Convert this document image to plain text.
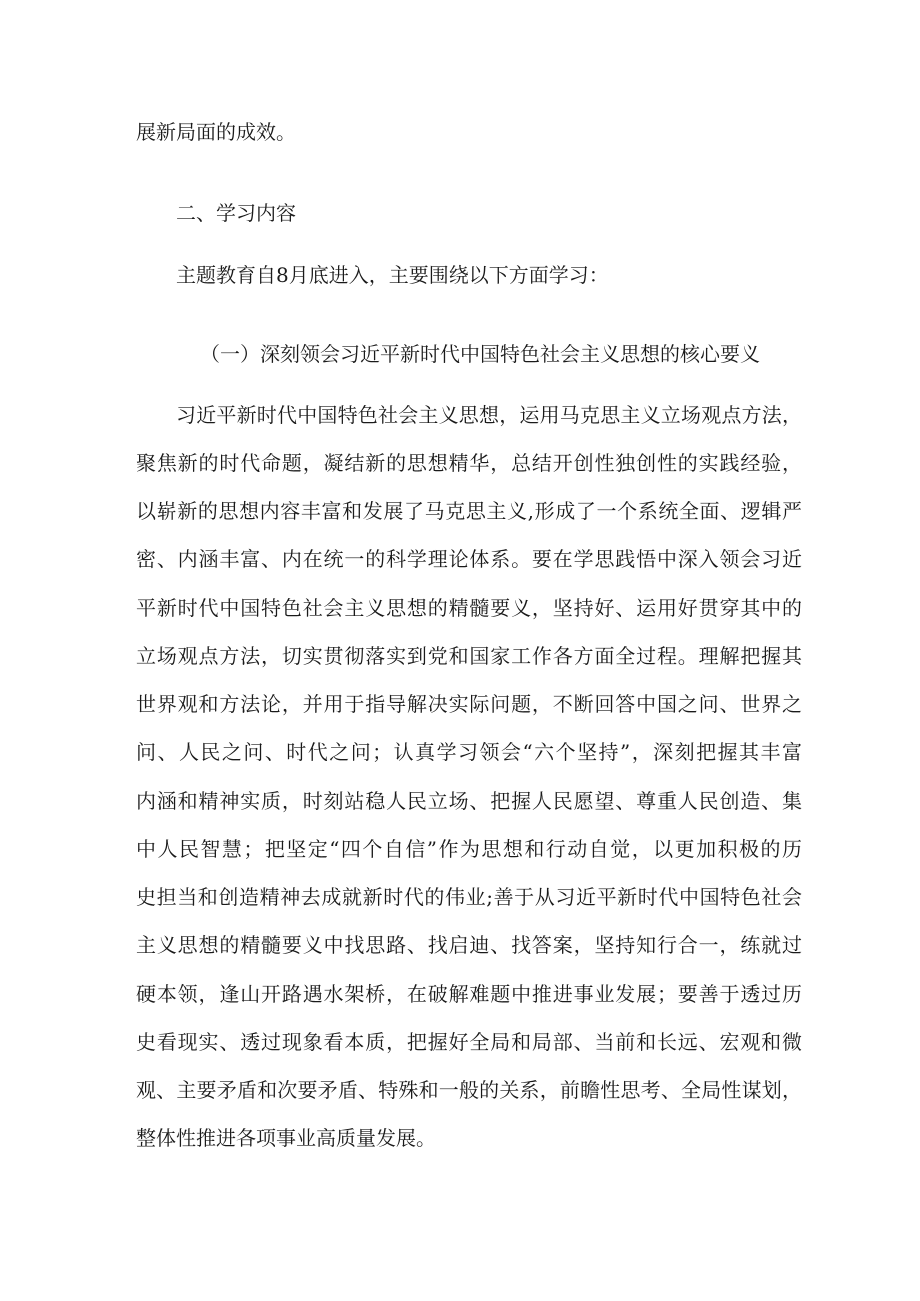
展新局面的成效。
二、学习内容
主题教育自8月底进入，主要围绕以下方面学习：
（一）深刻领会习近平新时代中国特色社会主义思想的核心要义
习近平新时代中国特色社会主义思想，运用马克思主义立场观点方法，
聚焦新的时代命题，凝结新的思想精华，总结开创性独创性的实践经验，
以崭新的思想内容丰富和发展了马克思主义,形成了一个系统全面、逻辑严
密、内涵丰富、内在统一的科学理论体系。要在学思践悟中深入领会习近
平新时代中国特色社会主义思想的精髓要义，坚持好、运用好贯穿其中的
立场观点方法，切实贯彻落实到党和国家工作各方面全过程。理解把握其
世界观和方法论，并用于指导解决实际问题，不断回答中国之问、世界之
问、人民之问、时代之问；认真学习领会“六个坚持”，深刻把握其丰富
内涵和精神实质，时刻站稳人民立场、把握人民愿望、尊重人民创造、集
中人民智慧；把坚定“四个自信”作为思想和行动自觉，以更加积极的历
史担当和创造精神去成就新时代的伟业;善于从习近平新时代中国特色社会
主义思想的精髓要义中找思路、找启迪、找答案，坚持知行合一，练就过
硬本领，逢山开路遇水架桥，在破解难题中推进事业发展；要善于透过历
史看现实、透过现象看本质，把握好全局和局部、当前和长远、宏观和微
观、主要矛盾和次要矛盾、特殊和一般的关系，前瞻性思考、全局性谋划，
整体性推进各项事业高质量发展。
